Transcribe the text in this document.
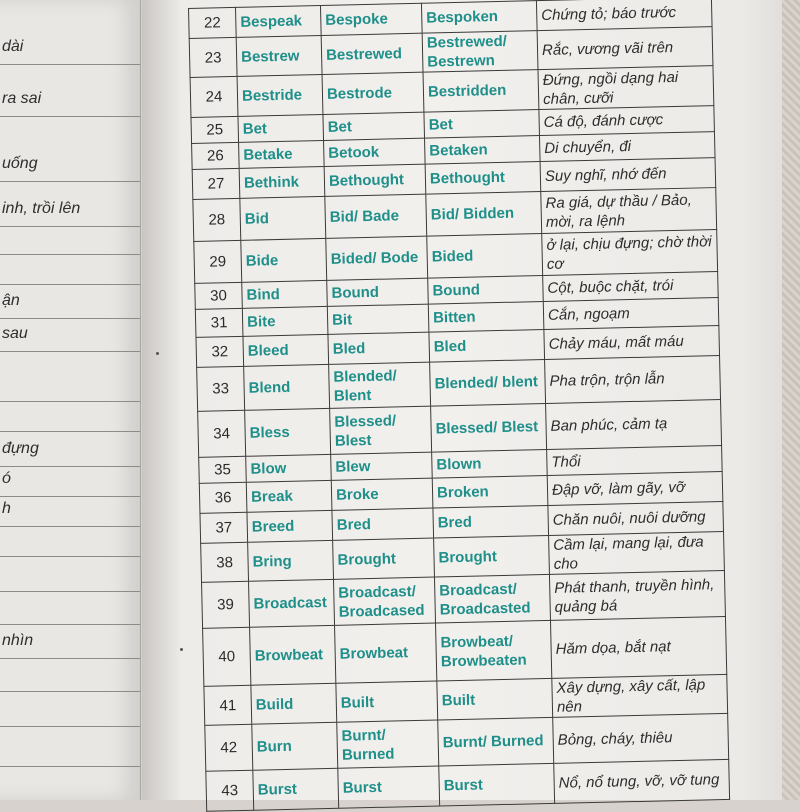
dài
ra sai
uống
inh, trồi lên
ận
sau
đựng
ó
h
nhìn
22	Bespeak	Bespoke	Bespoken	Chứng tỏ; báo trước
23	Bestrew	Bestrewed	Bestrewed/ Bestrewn	Rắc, vương vãi trên
24	Bestride	Bestrode	Bestridden	Đứng, ngồi dạng hai chân, cưỡi
25	Bet	Bet	Bet	Cá độ, đánh cược
26	Betake	Betook	Betaken	Di chuyển, đi
27	Bethink	Bethought	Bethought	Suy nghĩ, nhớ đến
28	Bid	Bid/ Bade	Bid/ Bidden	Ra giá, dự thầu / Bảo, mời, ra lệnh
29	Bide	Bided/ Bode	Bided	ở lại, chịu đựng; chờ thời cơ
30	Bind	Bound	Bound	Cột, buộc chặt, trói
31	Bite	Bit	Bitten	Cắn, ngoạm
32	Bleed	Bled	Bled	Chảy máu, mất máu
33	Blend	Blended/ Blent	Blended/ blent	Pha trộn, trộn lẫn
34	Bless	Blessed/ Blest	Blessed/ Blest	Ban phúc, cảm tạ
35	Blow	Blew	Blown	Thổi
36	Break	Broke	Broken	Đập vỡ, làm gãy, vỡ
37	Breed	Bred	Bred	Chăn nuôi, nuôi dưỡng
38	Bring	Brought	Brought	Cầm lại, mang lại, đưa cho
39	Broadcast	Broadcast/ Broadcased	Broadcast/ Broadcasted	Phát thanh, truyền hình, quảng bá
40	Browbeat	Browbeat	Browbeat/ Browbeaten	Hăm dọa, bắt nạt
41	Build	Built	Built	Xây dựng, xây cất, lập nên
42	Burn	Burnt/ Burned	Burnt/ Burned	Bỏng, cháy, thiêu
43	Burst	Burst	Burst	Nổ, nổ tung, vỡ, vỡ tung
